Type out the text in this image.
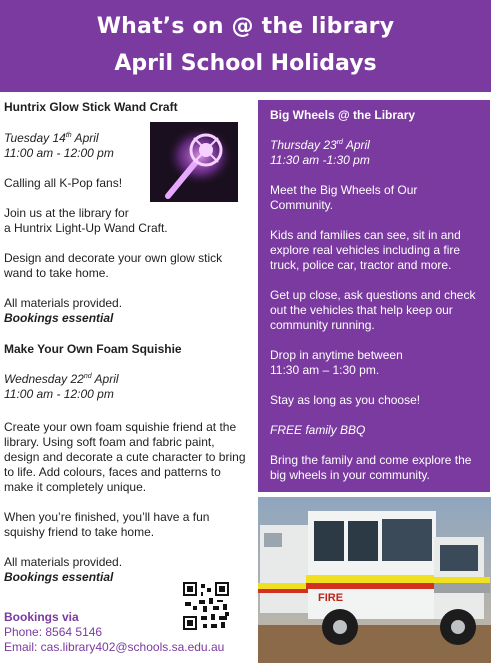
What’s on @ the library
April School Holidays

Huntrix Glow Stick Wand Craft

Tuesday 14th April

11:00 am - 12:00 pm

Calling all K-Pop fans!

Join us at the library for

a Huntrix Light-Up Wand Craft.

Design and decorate your own glow stick wand to take home.

All materials provided.

Bookings essential

Make Your Own Foam Squishie

Wednesday 22nd April

11:00 am - 12:00 pm

Create your own foam squishie friend at the library. Using soft foam and fabric paint, design and decorate a cute character to bring to life. Add colours, faces and patterns to make it completely unique.

When you’re finished, you’ll have a fun squishy friend to take home.

All materials provided.

Bookings essential

Bookings via

Phone: 8564 5146

Email: cas.library402@schools.sa.edu.au

Big Wheels @ the Library

Thursday 23rd April

11:30 am -1:30 pm

Meet the Big Wheels of Our Community.

Kids and families can see, sit in and explore real vehicles including a fire truck, police car, tractor and more.

Get up close, ask questions and check out the vehicles that help keep our community running.

Drop in anytime between

11:30 am – 1:30 pm.

Stay as long as you choose!

FREE family BBQ

Bring the family and come explore the big wheels in your community.

FIRE
